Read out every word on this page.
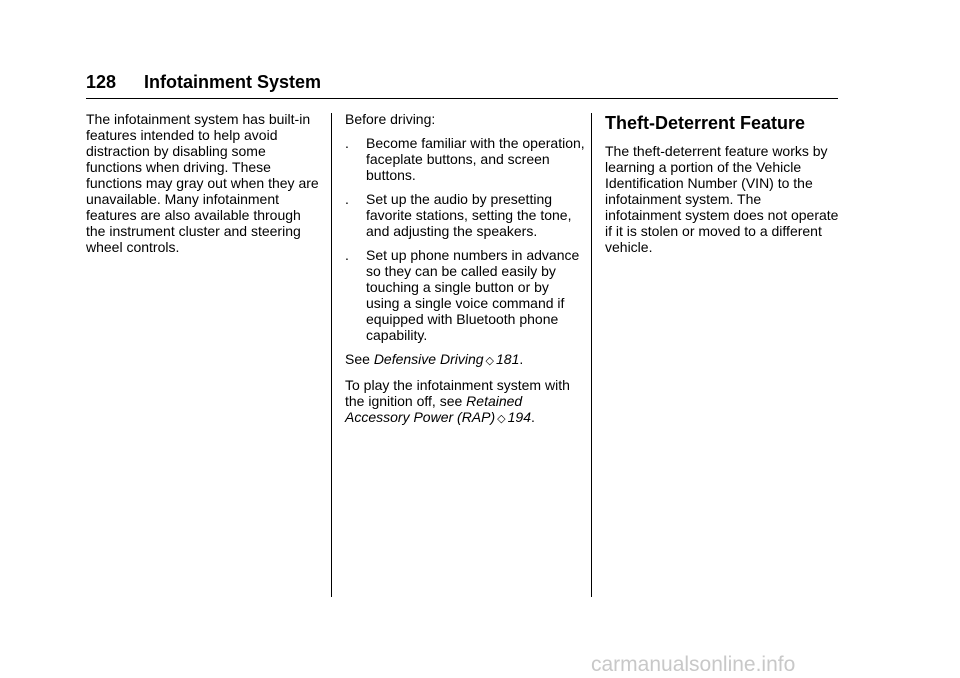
128 Infotainment System

The infotainment system has built-in features intended to help avoid distraction by disabling some functions when driving. These functions may gray out when they are unavailable. Many infotainment features are also available through the instrument cluster and steering wheel controls.

Before driving:

.	Become familiar with the operation, faceplate buttons, and screen buttons.
.	Set up the audio by presetting favorite stations, setting the tone, and adjusting the speakers.
.	Set up phone numbers in advance so they can be called easily by touching a single button or by using a single voice command if equipped with Bluetooth phone capability.

See Defensive Driving ◇ 181.

To play the infotainment system with the ignition off, see Retained Accessory Power (RAP) ◇ 194.

Theft-Deterrent Feature

The theft-deterrent feature works by learning a portion of the Vehicle Identification Number (VIN) to the infotainment system. The infotainment system does not operate if it is stolen or moved to a different vehicle.

carmanualsonline.info
